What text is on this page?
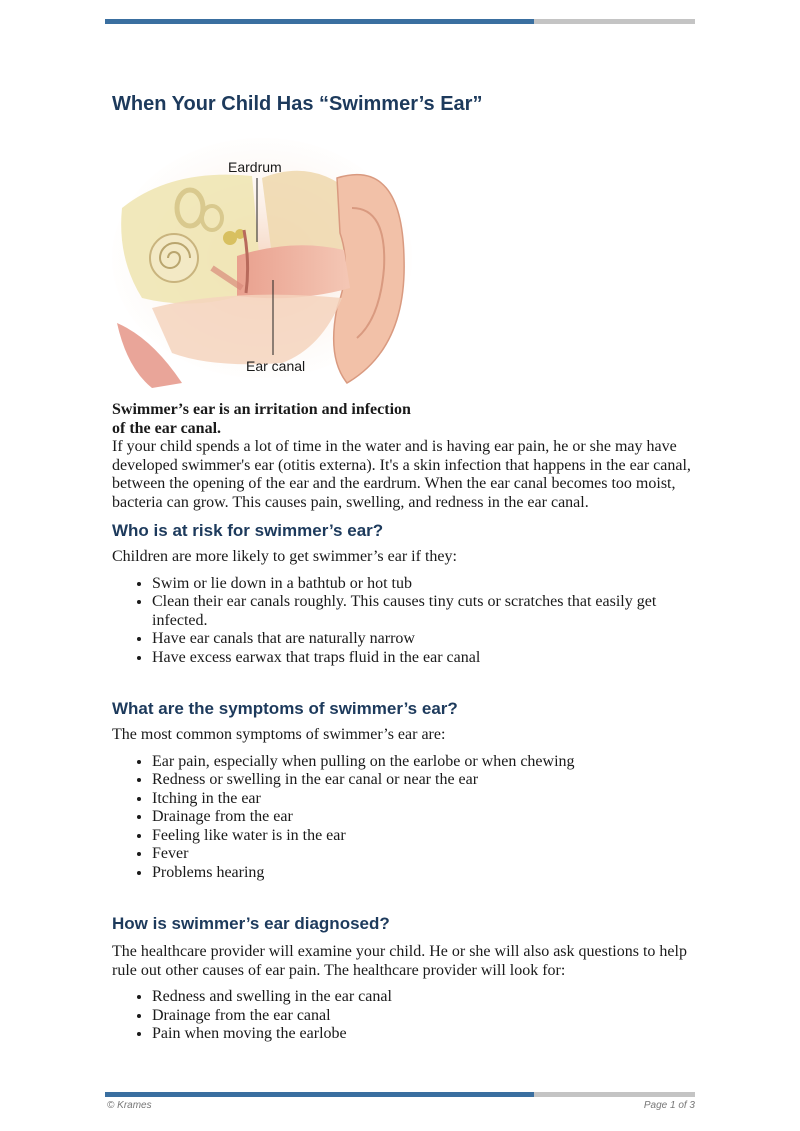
When Your Child Has “Swimmer’s Ear”
Eardrum
Ear canal

Swimmer’s ear is an irritation and infection of the ear canal.

If your child spends a lot of time in the water and is having ear pain, he or she may have developed swimmer's ear (otitis externa). It's a skin infection that happens in the ear canal, between the opening of the ear and the eardrum. When the ear canal becomes too moist, bacteria can grow. This causes pain, swelling, and redness in the ear canal.

Who is at risk for swimmer’s ear?

Children are more likely to get swimmer’s ear if they:

• Swim or lie down in a bathtub or hot tub
• Clean their ear canals roughly. This causes tiny cuts or scratches that easily get infected.
• Have ear canals that are naturally narrow
• Have excess earwax that traps fluid in the ear canal
What are the symptoms of swimmer’s ear?

The most common symptoms of swimmer’s ear are:

• Ear pain, especially when pulling on the earlobe or when chewing
• Redness or swelling in the ear canal or near the ear
• Itching in the ear
• Drainage from the ear
• Feeling like water is in the ear
• Fever
• Problems hearing
How is swimmer’s ear diagnosed?

The healthcare provider will examine your child. He or she will also ask questions to help rule out other causes of ear pain. The healthcare provider will look for:

• Redness and swelling in the ear canal
• Drainage from the ear canal
• Pain when moving the earlobe
© Krames	Page 1 of 3
